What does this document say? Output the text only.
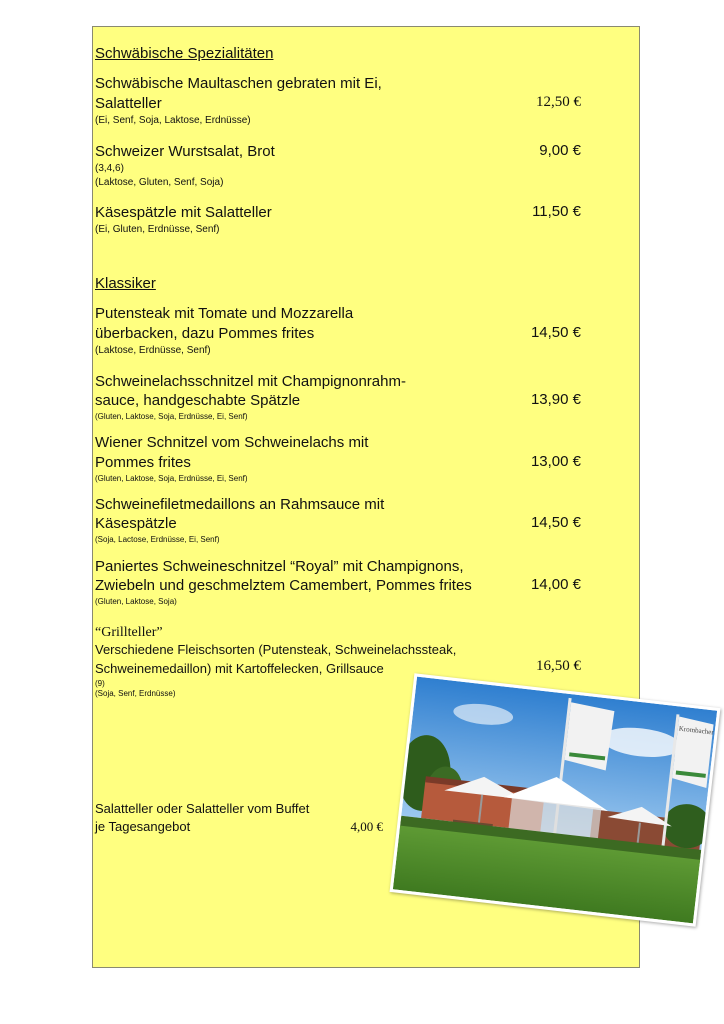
Schwäbische Spezialitäten
Schwäbische Maultaschen gebraten mit Ei,
Salatteller
(Ei, Senf, Soja, Laktose, Erdnüsse)
12,50 €
Schweizer Wurstsalat, Brot
(3,4,6)
(Laktose, Gluten, Senf, Soja)
9,00 €
Käsespätzle mit Salatteller
(Ei, Gluten, Erdnüsse, Senf)
11,50 €
Klassiker
Putensteak mit Tomate und Mozzarella
überbacken, dazu Pommes frites
(Laktose, Erdnüsse, Senf)
14,50 €
Schweinelachsschnitzel mit Champignonrahm-
sauce, handgeschabte Spätzle
(Gluten, Laktose, Soja, Erdnüsse, Ei, Senf)
13,90 €
Wiener Schnitzel vom Schweinelachs mit
Pommes frites
(Gluten, Laktose, Soja, Erdnüsse, Ei, Senf)
13,00 €
Schweinefiletmedaillons an Rahmsauce mit
Käsespätzle
(Soja, Lactose, Erdnüsse, Ei, Senf)
14,50 €
Paniertes Schweineschnitzel “Royal” mit Champignons,
Zwiebeln und geschmelztem Camembert, Pommes frites
(Gluten, Laktose, Soja)
14,00 €
“Grillteller”
Verschiedene Fleischsorten (Putensteak, Schweinelachssteak,
Schweinemedaillon) mit Kartoffelecken, Grillsauce
(9)
(Soja, Senf, Erdnüsse)
16,50 €
Salatteller oder Salatteller vom Buffet
je Tagesangebot	4,00 €
Krombacher
